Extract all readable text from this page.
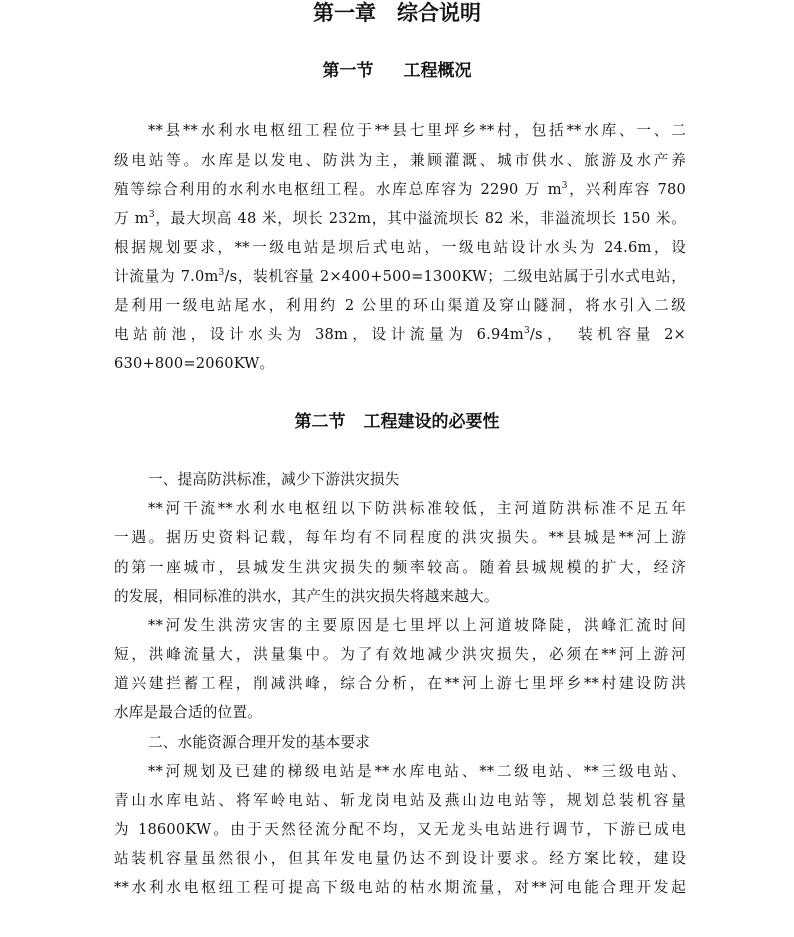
第一章　综合说明
第一节 工程概况
**县**水利水电枢纽工程位于**县七里坪乡**村，包括**水库、一、二
级电站等。水库是以发电、防洪为主，兼顾灌溉、城市供水、旅游及水产养
殖等综合利用的水利水电枢纽工程。水库总库容为 2290 万 $m^3$，兴利库容 780
万 $m^3$，最大坝高 48 米，坝长 232m，其中溢流坝长 82 米，非溢流坝长 150 米。
根据规划要求，**一级电站是坝后式电站，一级电站设计水头为 24.6m，设
计流量为 $7.0m^3/s$，装机容量 2×400+500=1300KW；二级电站属于引水式电站，
是利用一级电站尾水，利用约 2 公里的环山渠道及穿山隧洞，将水引入二级
电站前池，设计水头为 38m，设计流量为 $6.94m^3/s$，　装机容量 2×
630+800=2060KW。
第二节 工程建设的必要性
一、提高防洪标准，减少下游洪灾损失
**河干流**水利水电枢纽以下防洪标准较低，主河道防洪标准不足五年
一遇。据历史资料记载，每年均有不同程度的洪灾损失。**县城是**河上游
的第一座城市，县城发生洪灾损失的频率较高。随着县城规模的扩大，经济
的发展，相同标准的洪水，其产生的洪灾损失将越来越大。
**河发生洪涝灾害的主要原因是七里坪以上河道坡降陡，洪峰汇流时间
短，洪峰流量大，洪量集中。为了有效地减少洪灾损失，必须在**河上游河
道兴建拦蓄工程，削减洪峰，综合分析，在**河上游七里坪乡**村建设防洪
水库是最合适的位置。
二、水能资源合理开发的基本要求
**河规划及已建的梯级电站是**水库电站、**二级电站、**三级电站、
青山水库电站、将军岭电站、斩龙岗电站及燕山边电站等，规划总装机容量
为 18600KW。由于天然径流分配不均，又无龙头电站进行调节，下游已成电
站装机容量虽然很小，但其年发电量仍达不到设计要求。经方案比较，建设
**水利水电枢纽工程可提高下级电站的枯水期流量，对**河电能合理开发起
